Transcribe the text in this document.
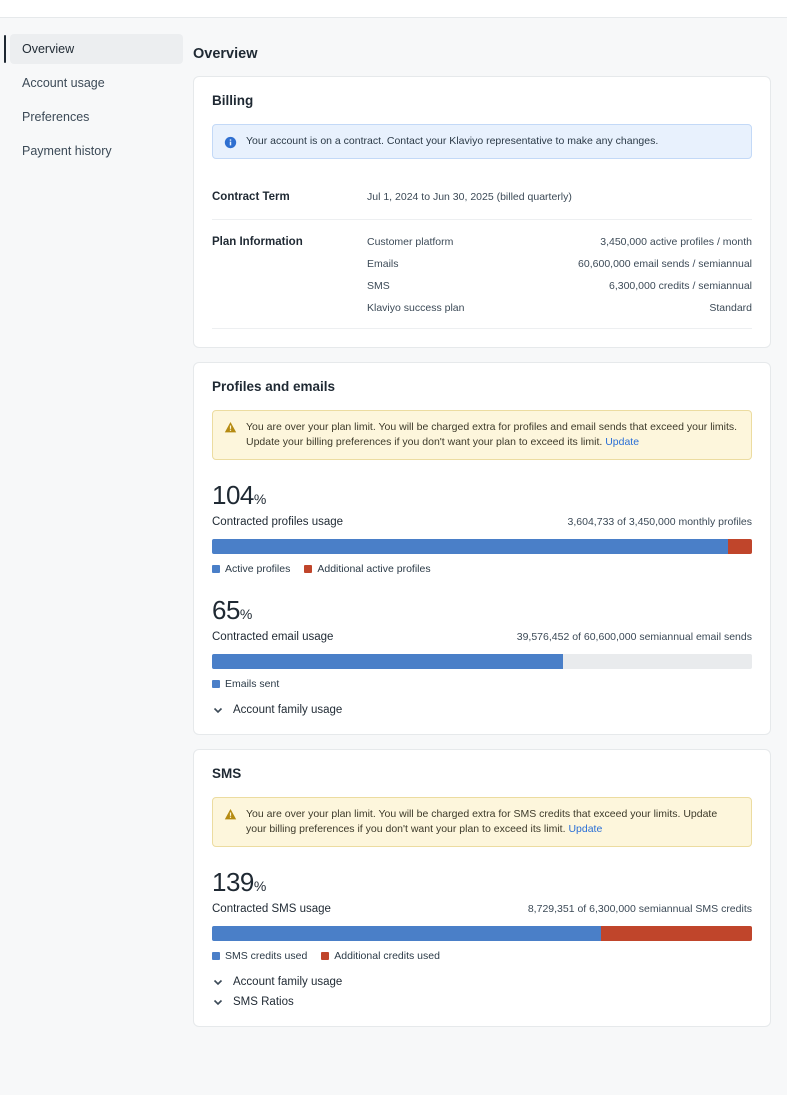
Overview
Account usage
Preferences
Payment history
Overview
Billing
Your account is on a contract. Contact your Klaviyo representative to make any changes.
Contract Term	Jul 1, 2024 to Jun 30, 2025 (billed quarterly)
Plan Information	Customer platform	3,450,000 active profiles / month
Emails	60,600,000 email sends / semiannual
SMS	6,300,000 credits / semiannual
Klaviyo success plan	Standard
Profiles and emails
You are over your plan limit. You will be charged extra for profiles and email sends that exceed your limits. Update your billing preferences if you don't want your plan to exceed its limit. Update
104%
Contracted profiles usage	3,604,733 of 3,450,000 monthly profiles
Active profiles	Additional active profiles
65%
Contracted email usage	39,576,452 of 60,600,000 semiannual email sends
Emails sent
Account family usage
SMS
You are over your plan limit. You will be charged extra for SMS credits that exceed your limits. Update your billing preferences if you don't want your plan to exceed its limit. Update
139%
Contracted SMS usage	8,729,351 of 6,300,000 semiannual SMS credits
SMS credits used	Additional credits used
Account family usage
SMS Ratios
